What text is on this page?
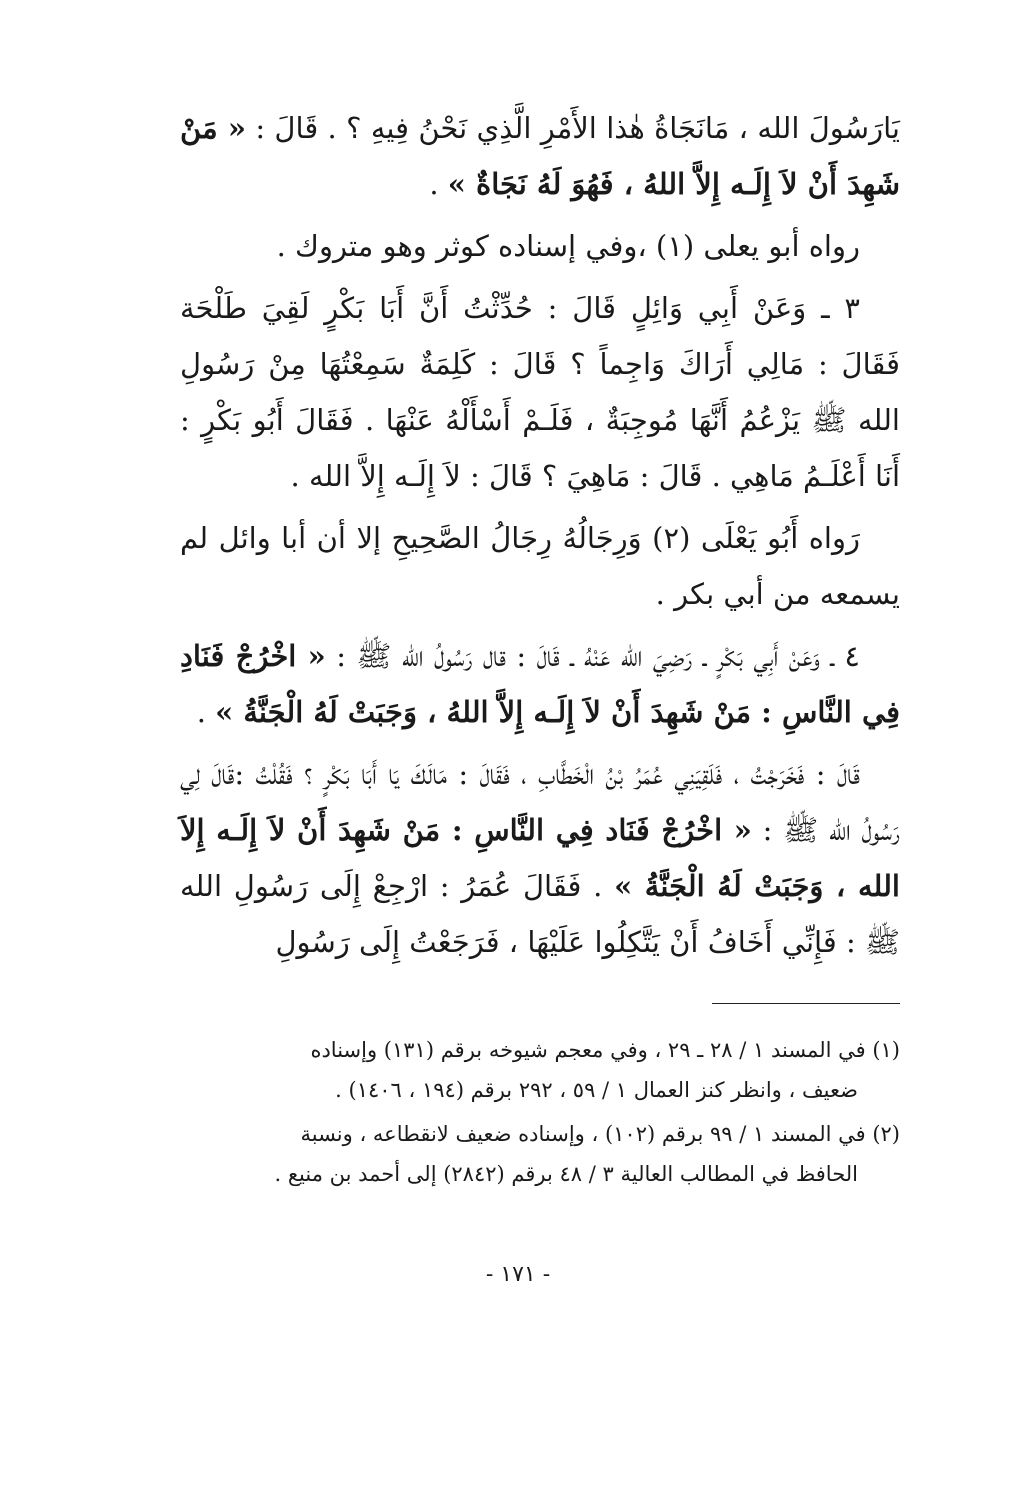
يَارَسُولَ الله ، مَانَجَاةُ هٰذا الأَمْرِ الَّذِي نَحْنُ فِيهِ ؟ . قَالَ : « مَنْ شَهِدَ أَنْ لاَ إِلَـه إِلاَّ اللهُ ، فَهُوَ لَهُ نَجَاةٌ » .

رواه أبو يعلى (١) ،وفي إسناده كوثر وهو متروك .

٣ ـ وَعَنْ أَبِي وَائِلٍ قَالَ : حُدِّثْتُ أَنَّ أَبَا بَكْرٍ لَقِيَ طَلْحَة فَقَالَ : مَالِي أَرَاكَ وَاجِماً ؟ قَالَ : كَلِمَةٌ سَمِعْتُهَا مِنْ رَسُولِ الله ﷺ يَزْعُمُ أَنَّهَا مُوجِبَةٌ ، فَلَـمْ أَسْأَلْهُ عَنْهَا . فَقَالَ أَبُو بَكْرٍ : أَنَا أَعْلَـمُ مَاهِي . قَالَ : مَاهِيَ ؟ قَالَ : لاَ إِلَـه إِلاَّ الله .

رَواه أَبُو يَعْلَى (٢) وَرِجَالُهُ رِجَالُ الصَّحِيحِ إلا أن أبا وائل لم يسمعه من أبي بكر .

٤ ـ وَعَنْ أَبِي بَكْرٍ ـ رَضِيَ الله عَنْهُ ـ قَالَ : قال رَسُولُ الله ﷺ : « اخْرُجْ فَنَادِ فِي النَّاسِ : مَنْ شَهِدَ أَنْ لاَ إِلَـه إِلاَّ اللهُ ، وَجَبَتْ لَهُ الْجَنَّةُ » .

قَالَ : فَخَرَجْتُ ، فَلَقِيَنِي عُمَرُ بْنُ الْخَطَّابِ ، فَقَالَ : مَالَكَ يَا أَبَا بَكْرٍ ؟ فَقُلْتُ :قَالَ لِي رَسُولُ الله ﷺ : « اخْرُجْ فَنَاد فِي النَّاسِ : مَنْ شَهِدَ أَنْ لاَ إِلَـه إِلاَ الله ، وَجَبَتْ لَهُ الْجَنَّةُ » . فَقَالَ عُمَرُ : ارْجِعْ إِلَى رَسُولِ الله ﷺ : فَإِنِّي أَخَافُ أَنْ يَتَّكِلُوا عَلَيْهَا ، فَرَجَعْتُ إِلَى رَسُولِ

(١) في المسند ١ / ٢٨ ـ ٢٩ ، وفي معجم شيوخه برقم (١٣١) وإسناده
ضعيف ، وانظر كنز العمال ١ / ٥٩ ، ٢٩٢ برقم (١٩٤ ، ١٤٠٦) .

(٢) في المسند ١ / ٩٩ برقم (١٠٢) ، وإسناده ضعيف لانقطاعه ، ونسبة
الحافظ في المطالب العالية ٣ / ٤٨ برقم (٢٨٤٢) إلى أحمد بن منيع .

- ١٧١ -
